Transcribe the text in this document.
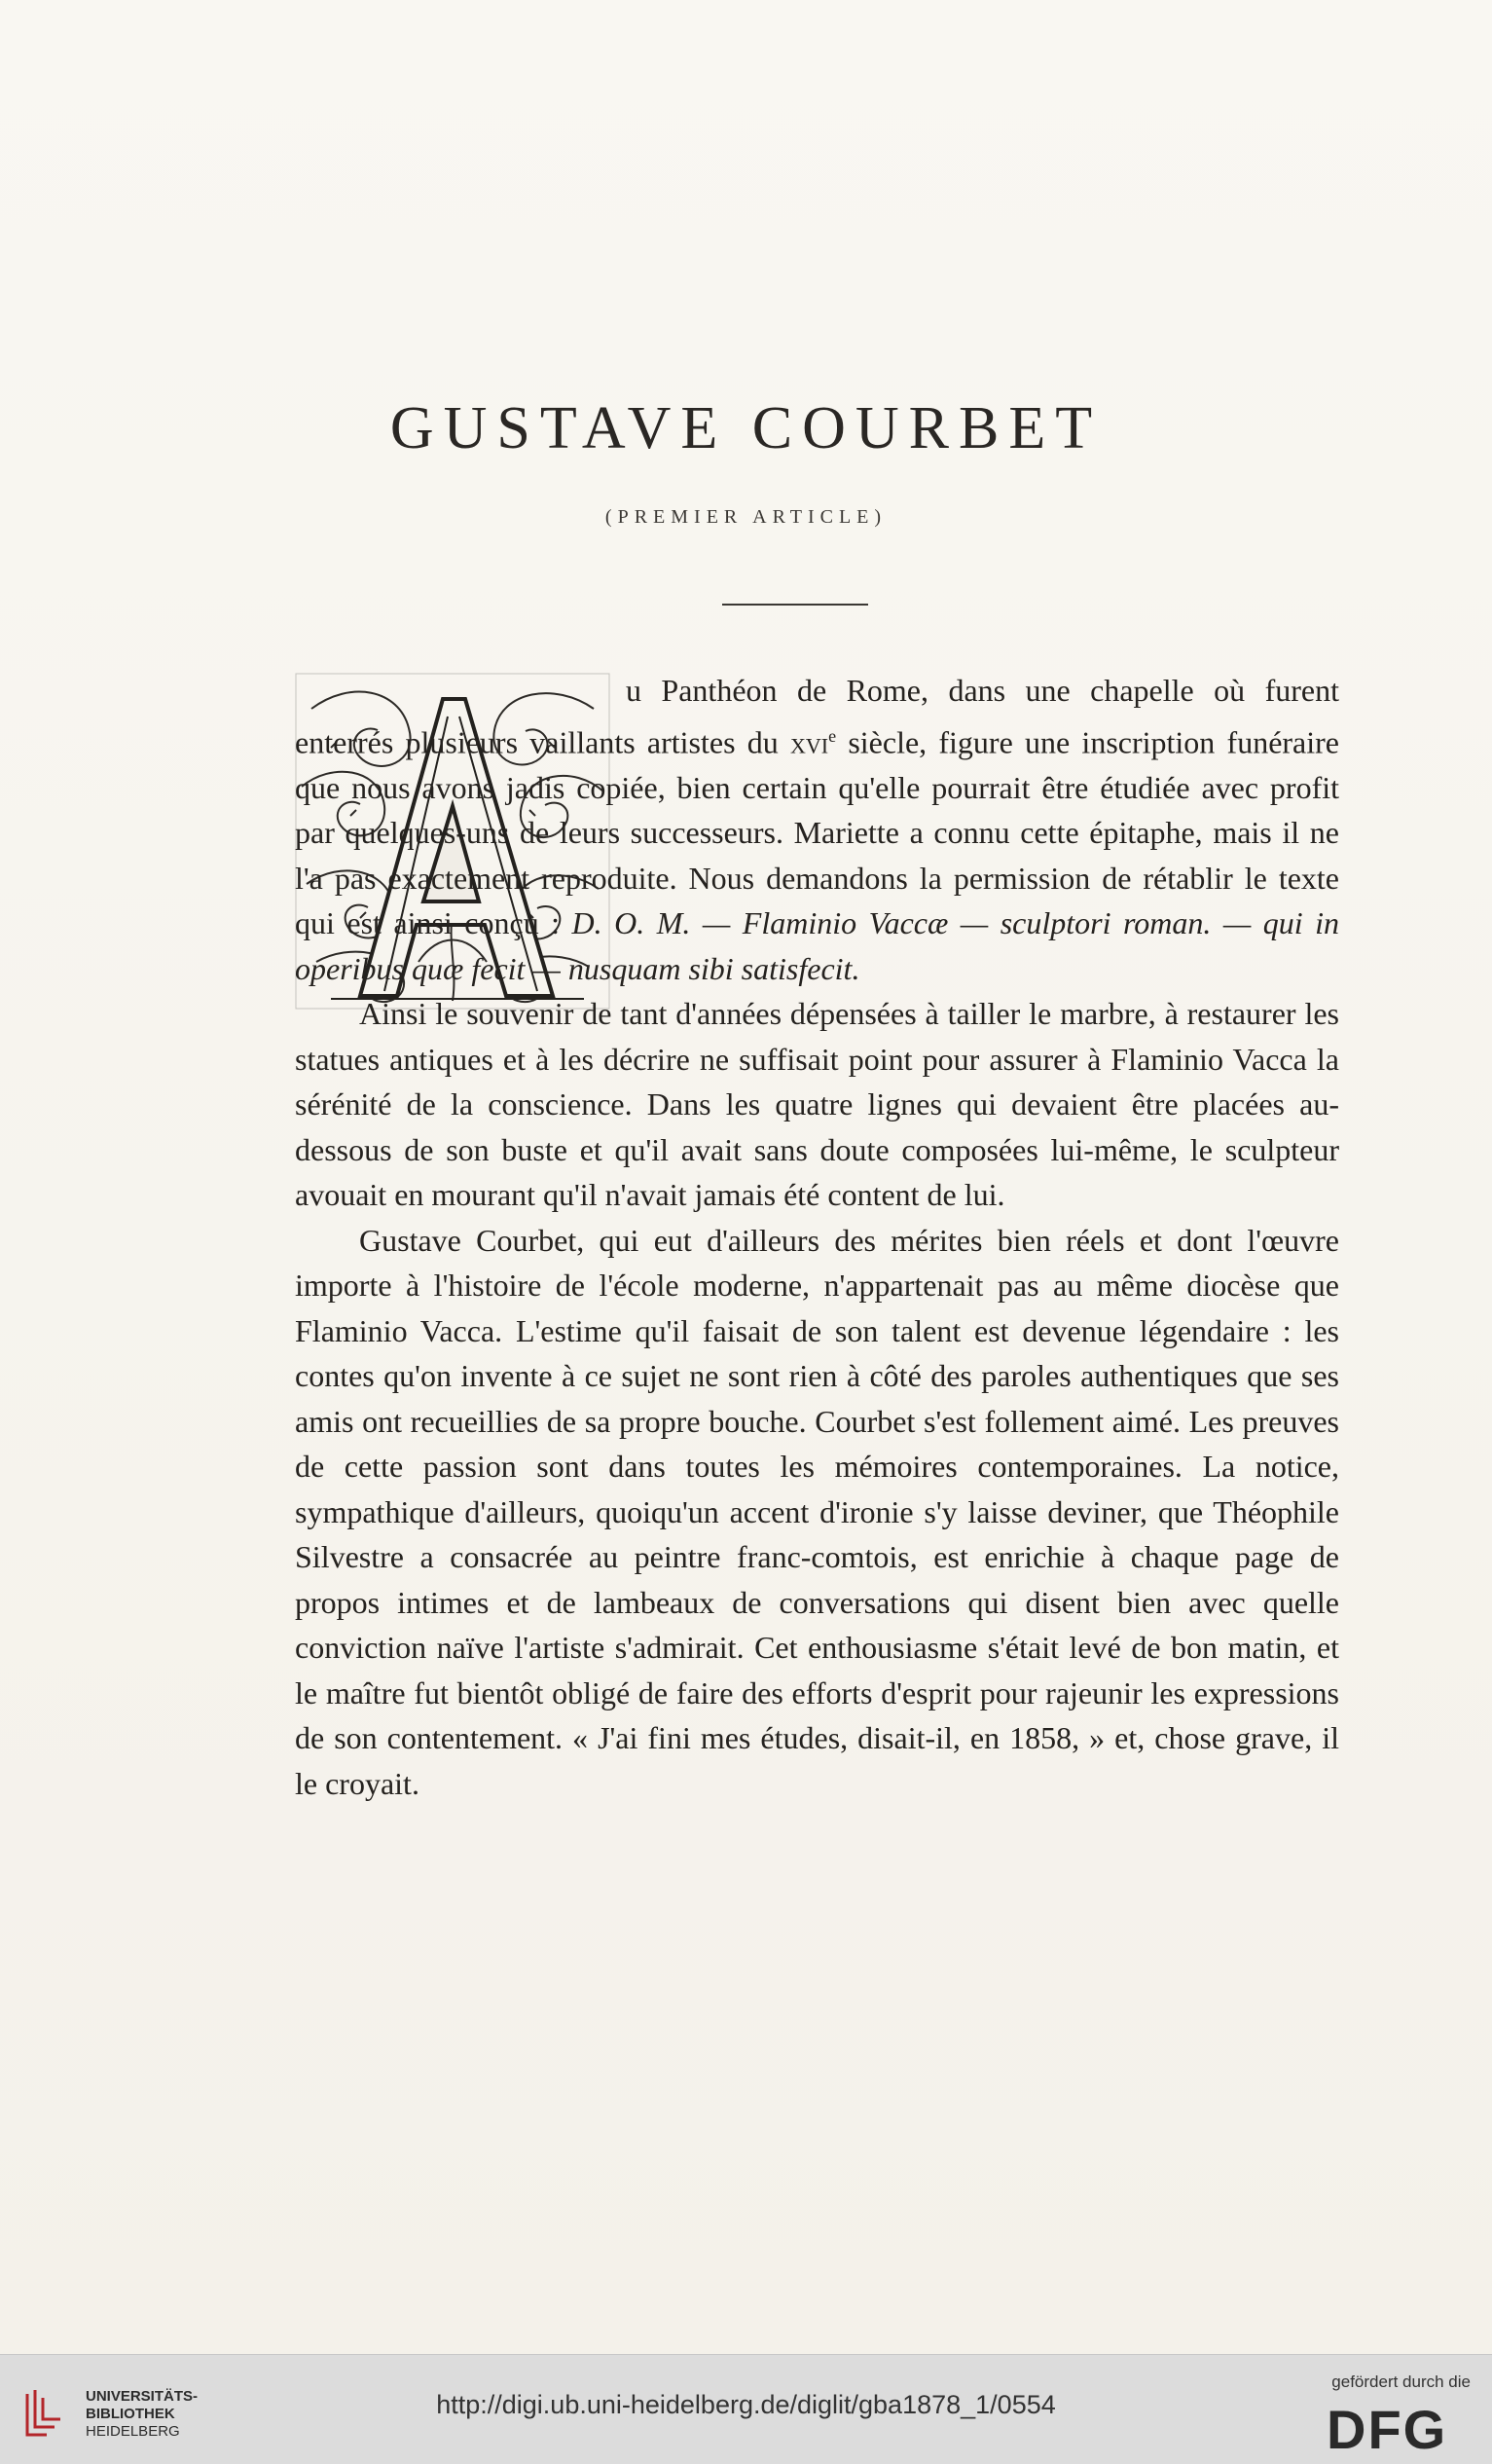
GUSTAVE COURBET
(PREMIER ARTICLE)

u Panthéon de Rome, dans une chapelle où furent enterrés plusieurs vaillants artistes du xvi$^e$ siècle, figure une inscription funéraire que nous avons jadis copiée, bien certain qu'elle pourrait être étudiée avec profit par quelques-uns de leurs successeurs. Mariette a connu cette épitaphe, mais il ne l'a pas exactement reproduite. Nous demandons la permission de rétablir le texte qui est ainsi conçu : D. O. M. — Flaminio Vaccæ — sculptori roman. — qui in operibus quæ fecit — nusquam sibi satisfecit.

Ainsi le souvenir de tant d'années dépensées à tailler le marbre, à restaurer les statues antiques et à les décrire ne suffisait point pour assurer à Flaminio Vacca la sérénité de la conscience. Dans les quatre lignes qui devaient être placées au-dessous de son buste et qu'il avait sans doute composées lui-même, le sculpteur avouait en mourant qu'il n'avait jamais été content de lui.

Gustave Courbet, qui eut d'ailleurs des mérites bien réels et dont l'œuvre importe à l'histoire de l'école moderne, n'appartenait pas au même diocèse que Flaminio Vacca. L'estime qu'il faisait de son talent est devenue légendaire : les contes qu'on invente à ce sujet ne sont rien à côté des paroles authentiques que ses amis ont recueillies de sa propre bouche. Courbet s'est follement aimé. Les preuves de cette passion sont dans toutes les mémoires contemporaines. La notice, sympathique d'ailleurs, quoiqu'un accent d'ironie s'y laisse deviner, que Théophile Silvestre a consacrée au peintre franc-comtois, est enrichie à chaque page de propos intimes et de lambeaux de conversations qui disent bien avec quelle conviction naïve l'artiste s'admirait. Cet enthousiasme s'était levé de bon matin, et le maître fut bientôt obligé de faire des efforts d'esprit pour rajeunir les expressions de son contentement. « J'ai fini mes études, disait-il, en 1858, » et, chose grave, il le croyait.

UNIVERSITÄTS-
BIBLIOTHEK
HEIDELBERG
http://digi.ub.uni-heidelberg.de/diglit/gba1878_1/0554
gefördert durch die
DFG
